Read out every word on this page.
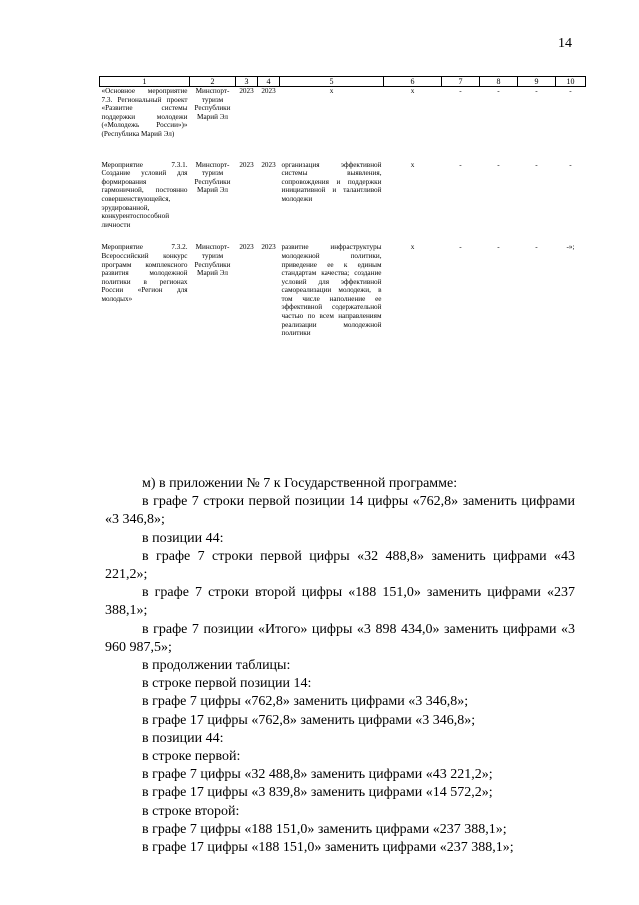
14
1	2	3	4	5	6	7	8	9	10
«Основное мероприятие 7.3. Региональный проект «Развитие системы поддержки молодежи («Молодежь России»)» (Республика Марий Эл)	Минспорт-туризм Республики Марий Эл	2023	2023	х	х	-	-	-	-
Мероприятие 7.3.1. Создание условий для формирования гармоничной, постоянно совершенствующейся, эрудированной, конкурентоспособной личности	Минспорт-туризм Республики Марий Эл	2023	2023	организация эффективной системы выявления, сопровождения и поддержки инициативной и талантливой молодежи	х	-	-	-	-
Мероприятие 7.3.2. Всероссийский конкурс программ комплексного развития молодежной политики в регионах России «Регион для молодых»	Минспорт-туризм Республики Марий Эл	2023	2023	развитие инфраструктуры молодежной политики, приведение ее к единым стандартам качества; создание условий для эффективной самореализации молодежи, в том числе наполнение ее эффективной содержательной частью по всем направлениям реализации молодежной политики	х	-	-	-	-»;

м) в приложении № 7 к Государственной программе:

в графе 7 строки первой позиции 14 цифры «762,8» заменить цифрами «3 346,8»;

в позиции 44:

в графе 7 строки первой цифры «32 488,8» заменить цифрами «43 221,2»;

в графе 7 строки второй цифры «188 151,0» заменить цифрами «237 388,1»;

в графе 7 позиции «Итого» цифры «3 898 434,0» заменить цифрами «3 960 987,5»;

в продолжении таблицы:

в строке первой позиции 14:

в графе 7 цифры «762,8» заменить цифрами «3 346,8»;

в графе 17 цифры «762,8» заменить цифрами «3 346,8»;

в позиции 44:

в строке первой:

в графе 7 цифры «32 488,8» заменить цифрами «43 221,2»;

в графе 17 цифры «3 839,8» заменить цифрами «14 572,2»;

в строке второй:

в графе 7 цифры «188 151,0» заменить цифрами «237 388,1»;

в графе 17 цифры «188 151,0» заменить цифрами «237 388,1»;
